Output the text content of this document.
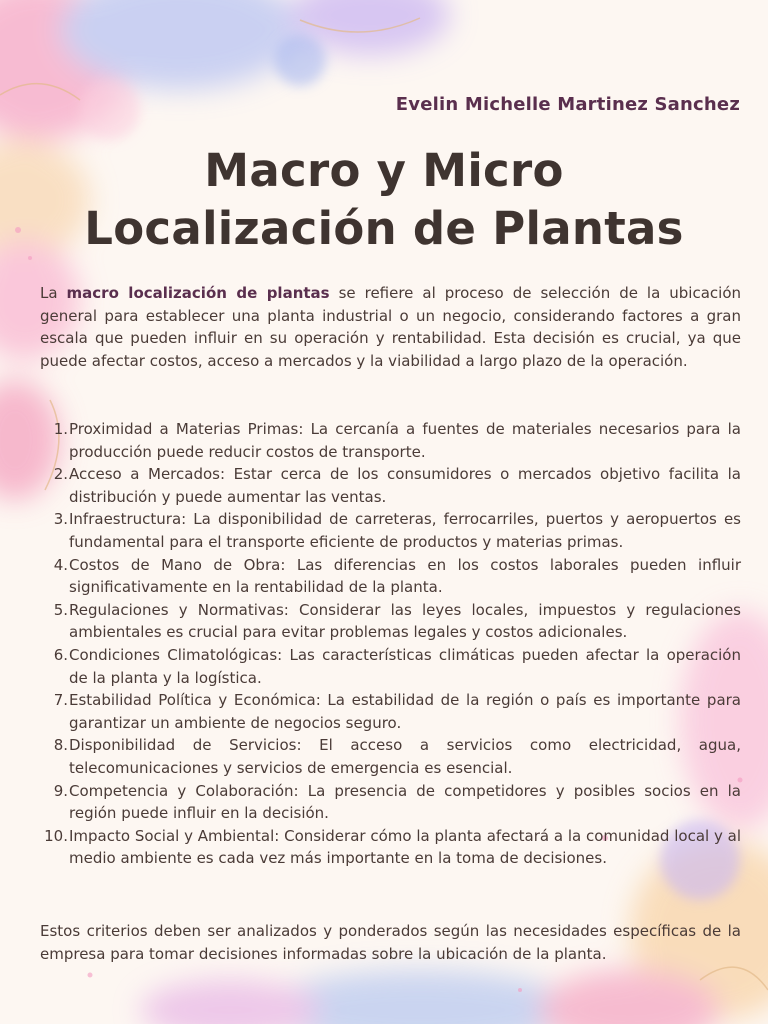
Evelin Michelle Martinez Sanchez
Macro y Micro
Localización de Plantas

La macro localización de plantas se refiere al proceso de selección de la ubicación general para establecer una planta industrial o un negocio, considerando factores a gran escala que pueden influir en su operación y rentabilidad. Esta decisión es crucial, ya que puede afectar costos, acceso a mercados y la viabilidad a largo plazo de la operación.

1. Proximidad a Materias Primas: La cercanía a fuentes de materiales necesarios para la producción puede reducir costos de transporte.
2. Acceso a Mercados: Estar cerca de los consumidores o mercados objetivo facilita la distribución y puede aumentar las ventas.
3. Infraestructura: La disponibilidad de carreteras, ferrocarriles, puertos y aeropuertos es fundamental para el transporte eficiente de productos y materias primas.
4. Costos de Mano de Obra: Las diferencias en los costos laborales pueden influir significativamente en la rentabilidad de la planta.
5. Regulaciones y Normativas: Considerar las leyes locales, impuestos y regulaciones ambientales es crucial para evitar problemas legales y costos adicionales.
6. Condiciones Climatológicas: Las características climáticas pueden afectar la operación de la planta y la logística.
7. Estabilidad Política y Económica: La estabilidad de la región o país es importante para garantizar un ambiente de negocios seguro.
8. Disponibilidad de Servicios: El acceso a servicios como electricidad, agua, telecomunicaciones y servicios de emergencia es esencial.
9. Competencia y Colaboración: La presencia de competidores y posibles socios en la región puede influir en la decisión.
10. Impacto Social y Ambiental: Considerar cómo la planta afectará a la comunidad local y al medio ambiente es cada vez más importante en la toma de decisiones.

Estos criterios deben ser analizados y ponderados según las necesidades específicas de la empresa para tomar decisiones informadas sobre la ubicación de la planta.
